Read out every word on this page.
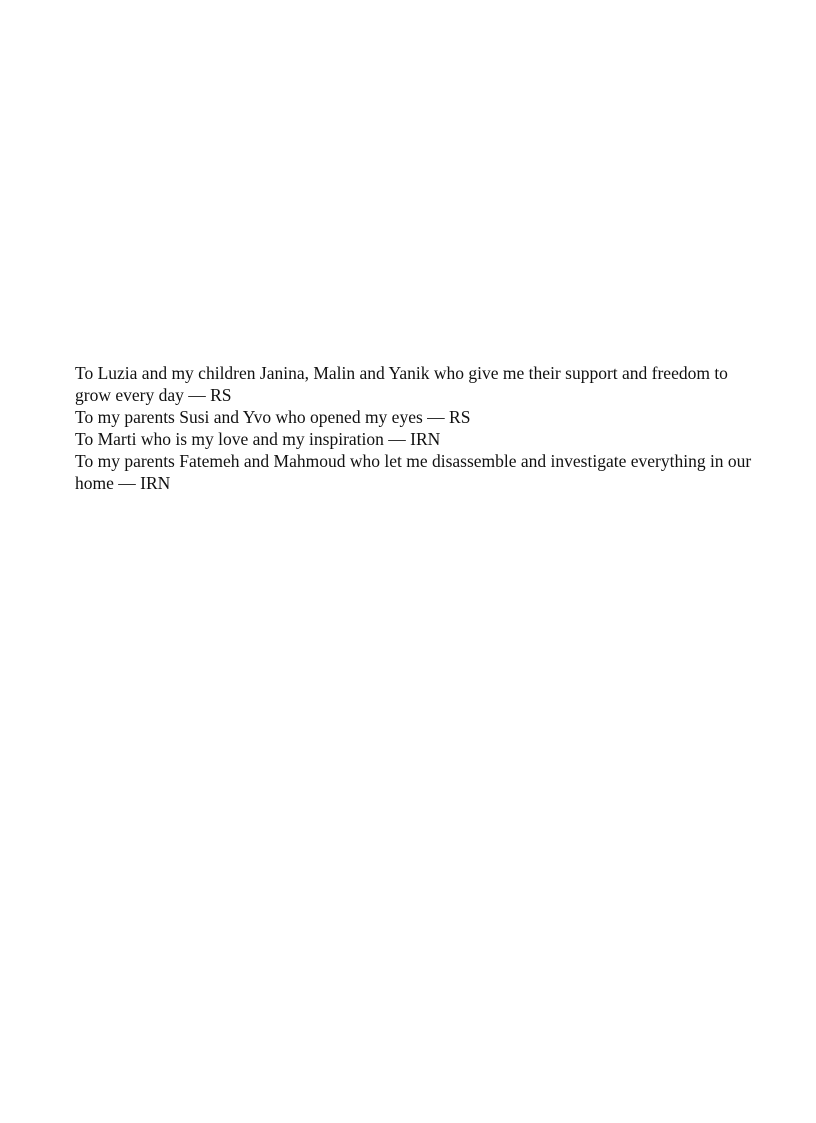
To Luzia and my children Janina, Malin and Yanik who give me their support and freedom to grow every day — RS

To my parents Susi and Yvo who opened my eyes — RS

To Marti who is my love and my inspiration — IRN

To my parents Fatemeh and Mahmoud who let me disassemble and investigate everything in our home — IRN
